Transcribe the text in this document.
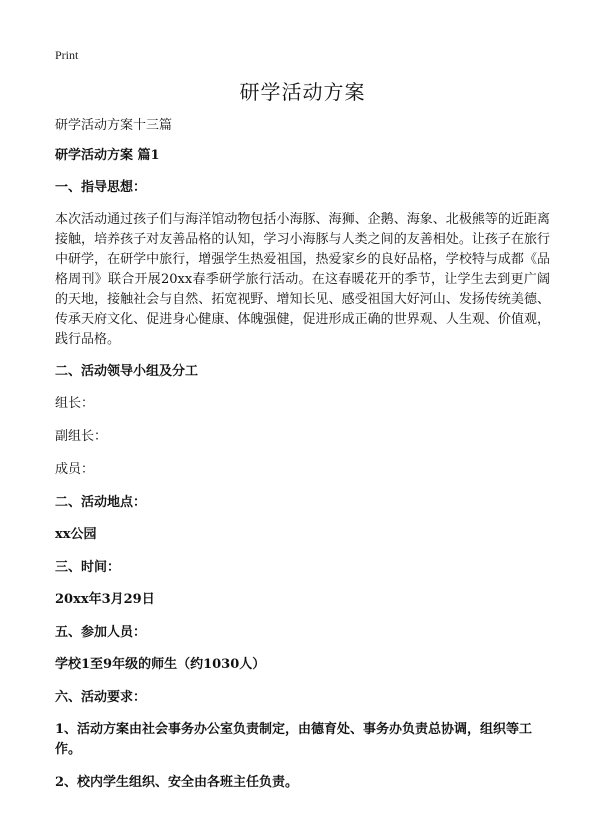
Print
研学活动方案
研学活动方案十三篇
研学活动方案 篇1
一、指导思想：
本次活动通过孩子们与海洋馆动物包括小海豚、海狮、企鹅、海象、北极熊等的近距离接触，培养孩子对友善品格的认知，学习小海豚与人类之间的友善相处。让孩子在旅行中研学，在研学中旅行，增强学生热爱祖国，热爱家乡的良好品格，学校特与成都《品格周刊》联合开展20xx春季研学旅行活动。在这春暖花开的季节，让学生去到更广阔的天地，接触社会与自然、拓宽视野、增知长见、感受祖国大好河山、发扬传统美德、传承天府文化、促进身心健康、体魄强健，促进形成正确的世界观、人生观、价值观，践行品格。
二、活动领导小组及分工
组长：
副组长：
成员：
二、活动地点：
xx公园
三、时间：
20xx年3月29日
五、参加人员：
学校1至9年级的师生（约1030人）
六、活动要求：
1、活动方案由社会事务办公室负责制定，由德育处、事务办负责总协调，组织等工作。
2、校内学生组织、安全由各班主任负责。
